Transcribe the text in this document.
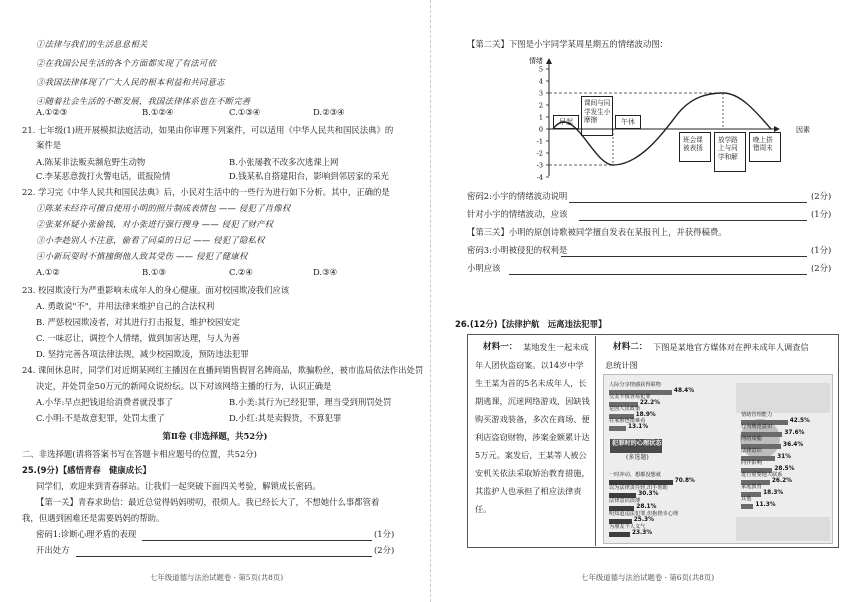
①法律与我们的生活息息相关
②在我国公民生活的各个方面都实现了有法可依
③我国法律体现了广大人民的根本利益和共同意志
④随着社会生活的不断发展，我国法律体系也在不断完善
A.①②③	B.①②④	C.①③④	D.②③④
21. 七年级(1)班开展模拟法庭活动，如果由你审理下列案件，可以适用《中华人民共和国民法典》的
案件是
A.陈某非法贩卖濒危野生动物	B.小张屡教不改多次逃课上网
C.李某恶意拨打火警电话，谎报险情	D.钱某私自搭建阳台，影响到邻居家的采光
22. 学习完《中华人民共和国民法典》后，小民对生活中的一些行为进行如下分析。其中，正确的是
①陈某未经许可擅自使用小明的照片制成表情包 —— 侵犯了肖像权
②张某怀疑小张偷钱，对小张进行强行搜身 —— 侵犯了财产权
③小李趁别人不注意，偷看了同桌的日记 —— 侵犯了隐私权
④小新玩耍时不慎撞倒他人致其受伤 —— 侵犯了健康权
A.①②	B.①③	C.②④	D.③④
23. 校园欺凌行为严重影响未成年人的身心健康。面对校园欺凌我们应该
A. 勇敢说"不"，并用法律来维护自己的合法权利
B. 严惩校园欺凌者，对其进行打击报复，维护校园安定
C. 一味忍让，调控个人情绪，做到加害达理，与人为善
D. 坚持完善各项法律法规，减少校园欺凌，预防违法犯罪
24. 课间休息时，同学们对近期某网红主播因在直播间销售假冒名牌商品，欺骗粉丝，被市监局依法作出处罚
决定，并处罚金50万元的新闻众说纷纭。以下对该网络主播的行为，认识正确是
A.小华:早点把钱退给消费者就没事了	B.小美:其行为已经犯罪，理当受到刑罚处罚
C.小明:不是故意犯罪，处罚太重了	D.小红:其是卖假货，不算犯罪
第Ⅱ卷 (非选择题，共52分)
二、非选择题(请将答案书写在答题卡相应题号的位置，共52分)
25.(9分)【感悟青春　健康成长】
同学们，欢迎来到青春驿站。让我们一起突破下面四关考验，解锁成长密码。
【第一关】青春求助信：最近总觉得妈妈唠叨，很烦人。我已经长大了，不想她什么事都管着
我，但遇到困难还是需要妈妈的帮助。
密码1:诊断心理矛盾的表现	(1分)
开出处方	(2分)
七年级道德与法治试题卷 · 第5页(共8页)
【第二关】下图是小宇同学某周星期五的情绪波动图：
5
4
3
2
1
0
-1
-2
-3
-4
情绪
因素
早起
课间与同学发生小摩擦	午休
班会课被表扬
放学路上与同学和解
晚上搭错周末
密码2:小宇的情绪波动说明	(2分)
针对小宇的情绪波动，应该	(1分)
【第三关】小明的原创诗歌被同学擅自发表在某报刊上，并获得稿费。
密码3:小明被侵犯的权利是	(1分)
小明应该	(2分)
26.(12分)【法律护航　远离违法犯罪】
材料一： 某地发生一起未成
年人团伙盗窃案。以14岁中学
生王某为首的5名未成年人，长
期逃课，沉迷网络游戏，因缺钱
购买游戏装备，多次在商场、便
利店盗窃财物，涉案金额累计达
5万元。案发后，王某等人被公
安机关依法采取矫治教育措施，
其监护人也承担了相应法律责
任。
材料二： 下图是某地官方媒体对在押未成年人调查信
息统计图
犯罪时的心理状态
(多选题)
人际分享情感获得联物
48.4%
交友不慎容易犯罪
22.2%
是因人民政策
18.9%
在家脸色很难看
13.1%
一时冲动，想都没想就
70.8%
以为法律责任轻,出手帮助
30.3%
法律意识淡薄
28.1%
明知道违法犯罪,但抱侥幸心理
25.3%
为朋友个人义气
23.3%
情绪管理能力
42.5%
行为规范意识
37.6%
网络成瘾
36.4%
法律意识
31%
同伴影响
28.5%
进行重要他人联系
26.2%
家庭教育
18.3%
其他
11.3%
七年级道德与法治试题卷 · 第6页(共8页)
